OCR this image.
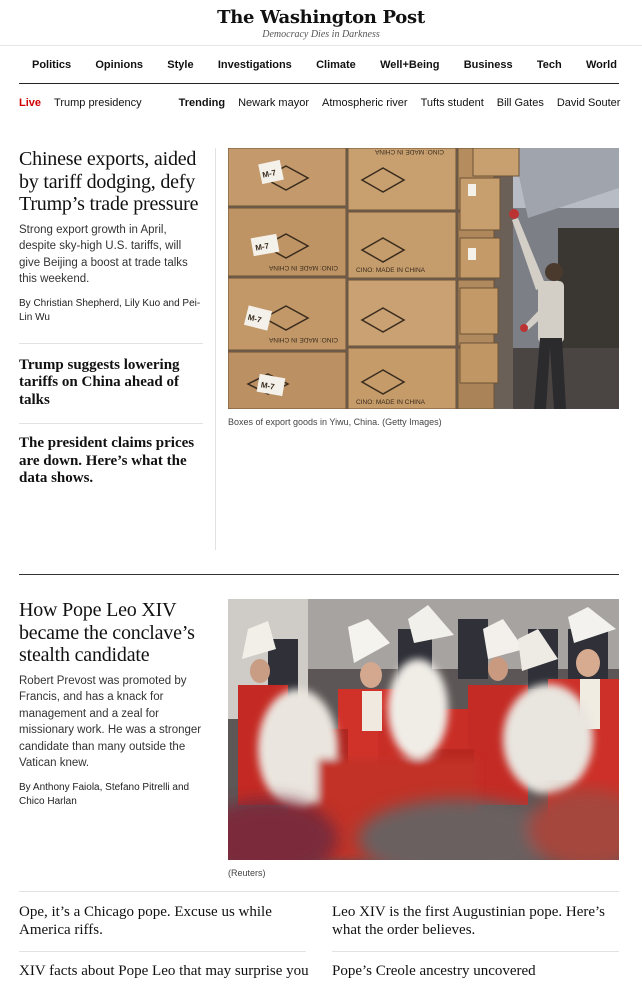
The Washington Post
Democracy Dies in Darkness
Politics Opinions Style Investigations Climate Well+Being Business Tech World
Live Trump presidency	Trending Newark mayor Atmospheric river Tufts student Bill Gates David Souter
Chinese exports, aided by tariff dodging, defy Trump’s trade pressure

Strong export growth in April, despite sky-high U.S. tariffs, will give Beijing a boost at trade talks this weekend.

By Christian Shepherd, Lily Kuo and Pei-Lin Wu

Trump suggests lowering tariffs on China ahead of talks
The president claims prices are down. Here’s what the data shows.
M-7
M-7
M-7
M-7
CINO: MADE IN CHINA
CINO: MADE IN CHINA
CINO: MADE IN CHINA
CINO: MADE IN CHINA
CINO: MADE IN CHINA
Boxes of export goods in Yiwu, China. (Getty Images)
How Pope Leo XIV became the conclave’s stealth candidate

Robert Prevost was promoted by Francis, and has a knack for management and a zeal for missionary work. He was a stronger candidate than many outside the Vatican knew.

By Anthony Faiola, Stefano Pitrelli and Chico Harlan

(Reuters)
Ope, it’s a Chicago pope. Excuse us while America riffs.
Leo XIV is the first Augustinian pope. Here’s what the order believes.
XIV facts about Pope Leo that may surprise you Pope’s Creole ancestry uncovered
